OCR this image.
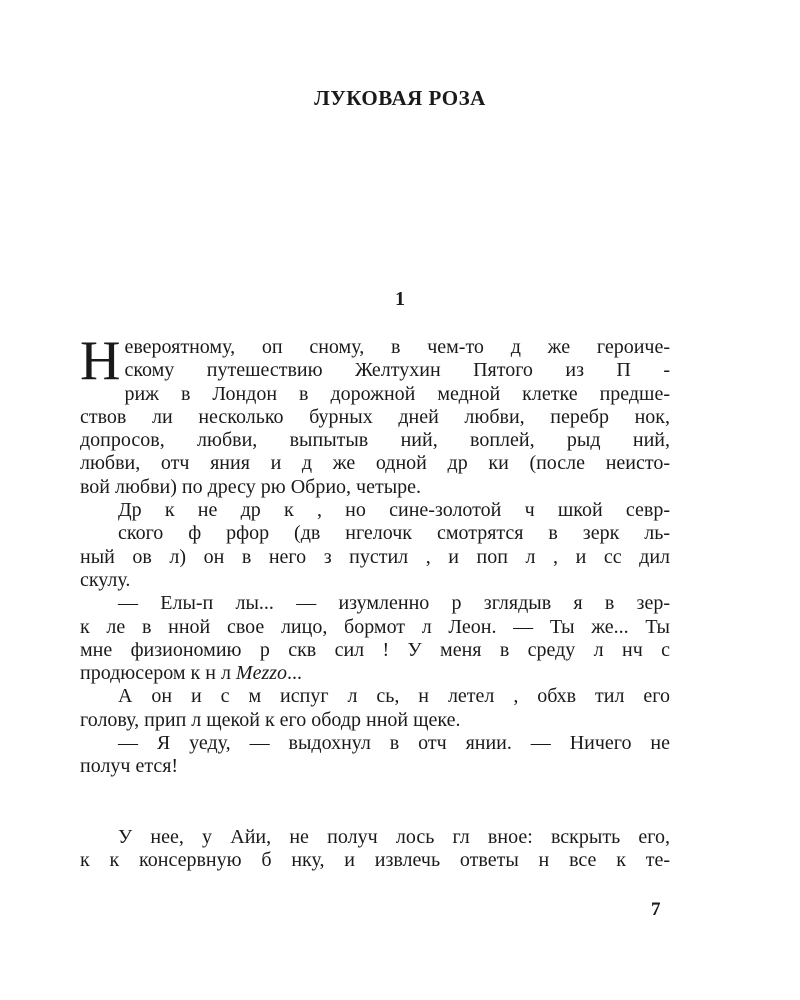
ЛУКОВАЯ РОЗА
1

Н евероятному, оп сному, в чем-то д же героиче-
скому путешествию Желтухин Пятого из П -
риж в Лондон в дорожной медной клетке предше-
ствов ли несколько бурных дней любви, перебр нок,
допросов, любви, выпытыв ний, воплей, рыд ний,
любви, отч яния и д же одной др ки (после неисто-
вой любви) по дресу рю Обрио, четыре.

Др к не др к , но сине-золотой ч шкой севр-
ского ф рфор (дв нгелочк смотрятся в зерк ль-
ный ов л) он в него з пустил , и поп л , и сс дил
скулу.

— Елы-п лы... — изумленно р зглядыв я в зер-
к ле в нной свое лицо, бормот л Леон. — Ты же... Ты
мне физиономию р скв сил ! У меня в среду л нч с
продюсером к н л Mezzo...

А он и с м испуг л сь, н летел , обхв тил его
голову, прип л щекой к его ободр нной щеке.

— Я уеду, — выдохнул в отч янии. — Ничего не
получ ется!

У нее, у Айи, не получ лось гл вное: вскрыть его,
к к консервную б нку, и извлечь ответы н все к те-

7
